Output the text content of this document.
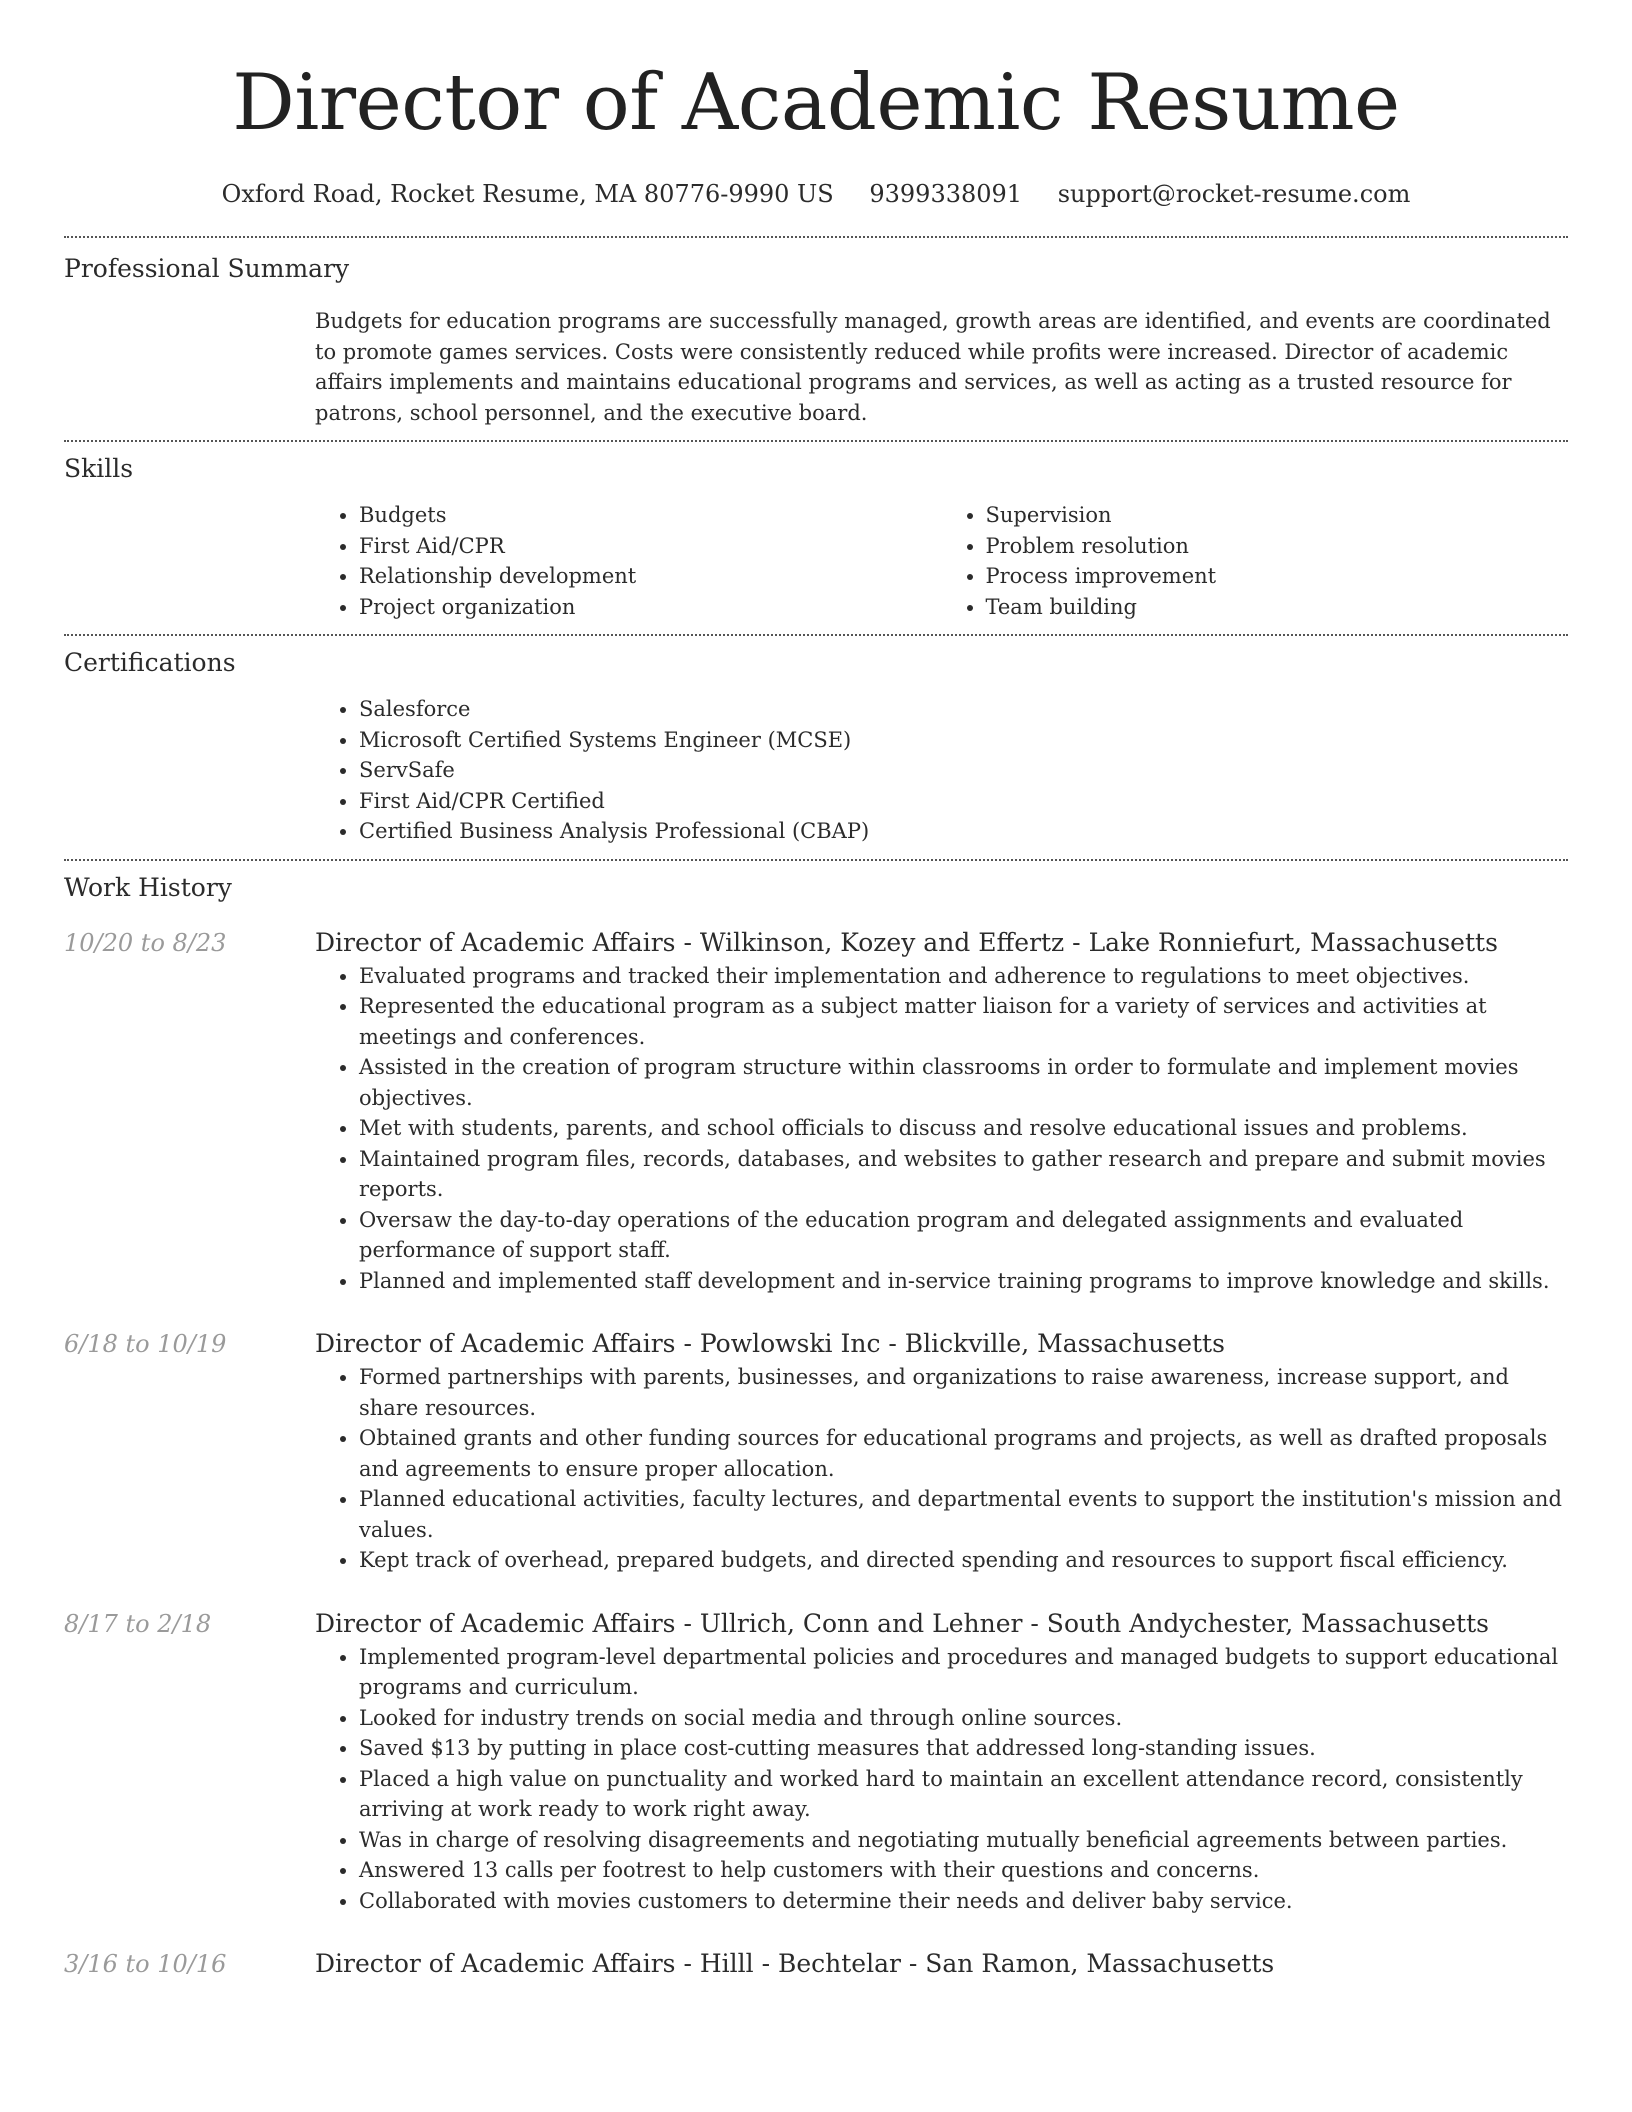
Director of Academic Resume
Oxford Road, Rocket Resume, MA 80776-9990 US 9399338091 support@rocket-resume.com
Professional Summary
Budgets for education programs are successfully managed, growth areas are identified, and events are coordinated to promote games services. Costs were consistently reduced while profits were increased. Director of academic affairs implements and maintains educational programs and services, as well as acting as a trusted resource for patrons, school personnel, and the executive board.
Skills
• Budgets
• First Aid/CPR
• Relationship development
• Project organization
• Supervision
• Problem resolution
• Process improvement
• Team building
Certifications
• Salesforce
• Microsoft Certified Systems Engineer (MCSE)
• ServSafe
• First Aid/CPR Certified
• Certified Business Analysis Professional (CBAP)
Work History
10/20 to 8/23	Director of Academic Affairs - Wilkinson, Kozey and Effertz - Lake Ronniefurt, Massachusetts
• Evaluated programs and tracked their implementation and adherence to regulations to meet objectives.
• Represented the educational program as a subject matter liaison for a variety of services and activities at meetings and conferences.
• Assisted in the creation of program structure within classrooms in order to formulate and implement movies objectives.
• Met with students, parents, and school officials to discuss and resolve educational issues and problems.
• Maintained program files, records, databases, and websites to gather research and prepare and submit movies reports.
• Oversaw the day-to-day operations of the education program and delegated assignments and evaluated performance of support staff.
• Planned and implemented staff development and in-service training programs to improve knowledge and skills.
6/18 to 10/19	Director of Academic Affairs - Powlowski Inc - Blickville, Massachusetts
• Formed partnerships with parents, businesses, and organizations to raise awareness, increase support, and share resources.
• Obtained grants and other funding sources for educational programs and projects, as well as drafted proposals and agreements to ensure proper allocation.
• Planned educational activities, faculty lectures, and departmental events to support the institution's mission and values.
• Kept track of overhead, prepared budgets, and directed spending and resources to support fiscal efficiency.
8/17 to 2/18	Director of Academic Affairs - Ullrich, Conn and Lehner - South Andychester, Massachusetts
• Implemented program-level departmental policies and procedures and managed budgets to support educational programs and curriculum.
• Looked for industry trends on social media and through online sources.
• Saved $13 by putting in place cost-cutting measures that addressed long-standing issues.
• Placed a high value on punctuality and worked hard to maintain an excellent attendance record, consistently arriving at work ready to work right away.
• Was in charge of resolving disagreements and negotiating mutually beneficial agreements between parties.
• Answered 13 calls per footrest to help customers with their questions and concerns.
• Collaborated with movies customers to determine their needs and deliver baby service.
3/16 to 10/16	Director of Academic Affairs - Hilll - Bechtelar - San Ramon, Massachusetts
